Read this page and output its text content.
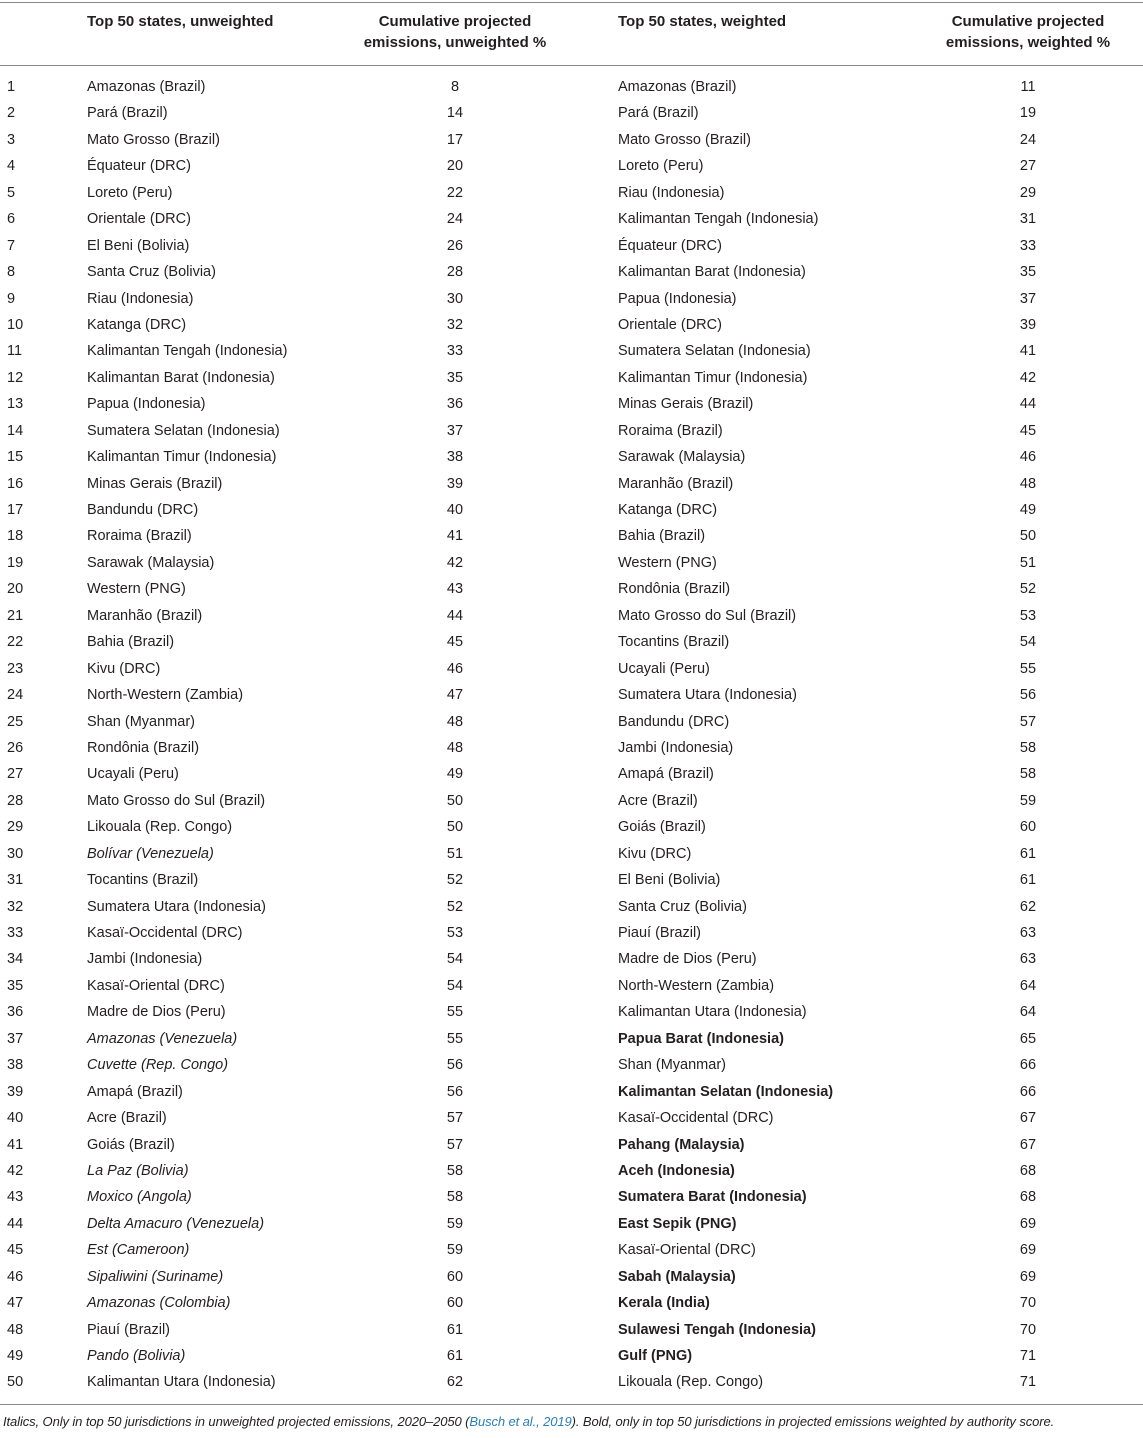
Top 50 states, unweighted	Cumulative projected
emissions, unweighted %
Top 50 states, weighted	Cumulative projected
emissions, weighted %
1	Amazonas (Brazil)	8	Amazonas (Brazil)	11
2	Pará (Brazil)	14	Pará (Brazil)	19
3	Mato Grosso (Brazil)	17	Mato Grosso (Brazil)	24
4	Équateur (DRC)	20	Loreto (Peru)	27
5	Loreto (Peru)	22	Riau (Indonesia)	29
6	Orientale (DRC)	24	Kalimantan Tengah (Indonesia)	31
7	El Beni (Bolivia)	26	Équateur (DRC)	33
8	Santa Cruz (Bolivia)	28	Kalimantan Barat (Indonesia)	35
9	Riau (Indonesia)	30	Papua (Indonesia)	37
10	Katanga (DRC)	32	Orientale (DRC)	39
11	Kalimantan Tengah (Indonesia)	33	Sumatera Selatan (Indonesia)	41
12	Kalimantan Barat (Indonesia)	35	Kalimantan Timur (Indonesia)	42
13	Papua (Indonesia)	36	Minas Gerais (Brazil)	44
14	Sumatera Selatan (Indonesia)	37	Roraima (Brazil)	45
15	Kalimantan Timur (Indonesia)	38	Sarawak (Malaysia)	46
16	Minas Gerais (Brazil)	39	Maranhão (Brazil)	48
17	Bandundu (DRC)	40	Katanga (DRC)	49
18	Roraima (Brazil)	41	Bahia (Brazil)	50
19	Sarawak (Malaysia)	42	Western (PNG)	51
20	Western (PNG)	43	Rondônia (Brazil)	52
21	Maranhão (Brazil)	44	Mato Grosso do Sul (Brazil)	53
22	Bahia (Brazil)	45	Tocantins (Brazil)	54
23	Kivu (DRC)	46	Ucayali (Peru)	55
24	North-Western (Zambia)	47	Sumatera Utara (Indonesia)	56
25	Shan (Myanmar)	48	Bandundu (DRC)	57
26	Rondônia (Brazil)	48	Jambi (Indonesia)	58
27	Ucayali (Peru)	49	Amapá (Brazil)	58
28	Mato Grosso do Sul (Brazil)	50	Acre (Brazil)	59
29	Likouala (Rep. Congo)	50	Goiás (Brazil)	60
30	Bolívar (Venezuela)	51	Kivu (DRC)	61
31	Tocantins (Brazil)	52	El Beni (Bolivia)	61
32	Sumatera Utara (Indonesia)	52	Santa Cruz (Bolivia)	62
33	Kasaï-Occidental (DRC)	53	Piauí (Brazil)	63
34	Jambi (Indonesia)	54	Madre de Dios (Peru)	63
35	Kasaï-Oriental (DRC)	54	North-Western (Zambia)	64
36	Madre de Dios (Peru)	55	Kalimantan Utara (Indonesia)	64
37	Amazonas (Venezuela)	55	Papua Barat (Indonesia)	65
38	Cuvette (Rep. Congo)	56	Shan (Myanmar)	66
39	Amapá (Brazil)	56	Kalimantan Selatan (Indonesia)	66
40	Acre (Brazil)	57	Kasaï-Occidental (DRC)	67
41	Goiás (Brazil)	57	Pahang (Malaysia)	67
42	La Paz (Bolivia)	58	Aceh (Indonesia)	68
43	Moxico (Angola)	58	Sumatera Barat (Indonesia)	68
44	Delta Amacuro (Venezuela)	59	East Sepik (PNG)	69
45	Est (Cameroon)	59	Kasaï-Oriental (DRC)	69
46	Sipaliwini (Suriname)	60	Sabah (Malaysia)	69
47	Amazonas (Colombia)	60	Kerala (India)	70
48	Piauí (Brazil)	61	Sulawesi Tengah (Indonesia)	70
49	Pando (Bolivia)	61	Gulf (PNG)	71
50	Kalimantan Utara (Indonesia)	62	Likouala (Rep. Congo)	71
Italics, Only in top 50 jurisdictions in unweighted projected emissions, 2020–2050 (Busch et al., 2019). Bold, only in top 50 jurisdictions in projected emissions weighted by authority score.
